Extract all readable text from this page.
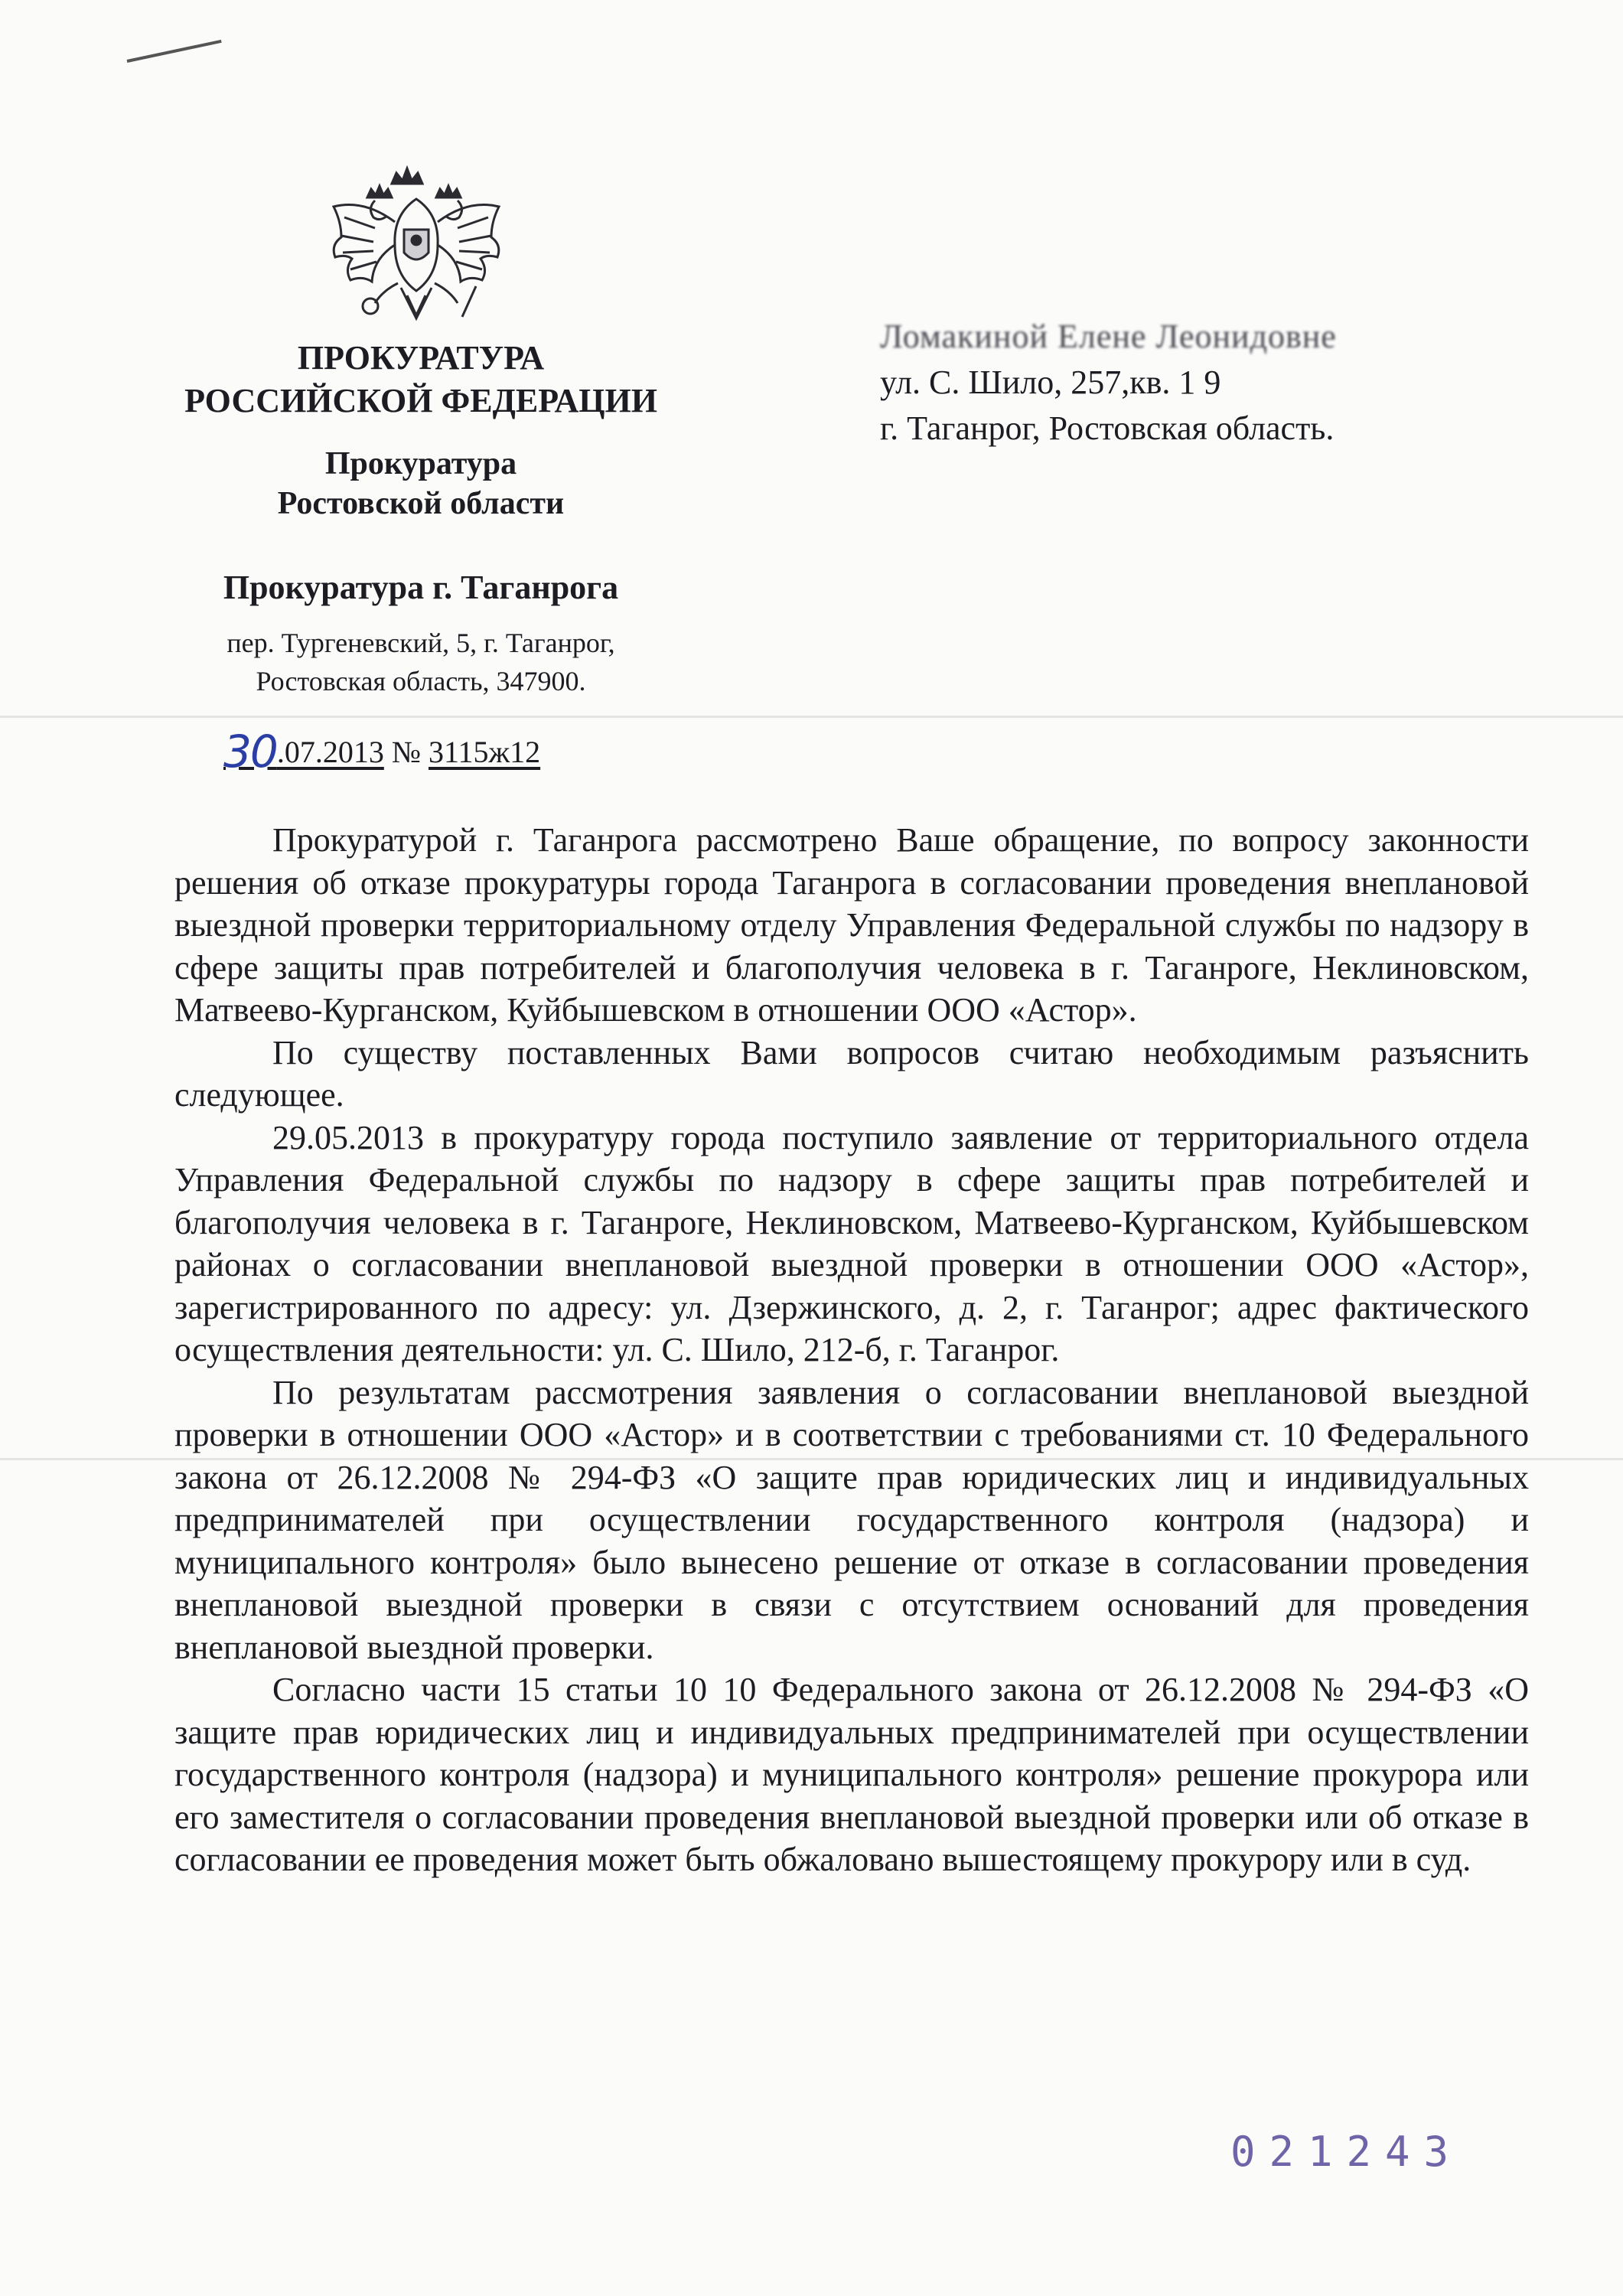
ПРОКУРАТУРА
РОССИЙСКОЙ ФЕДЕРАЦИИ
Прокуратура
Ростовской области
Прокуратура г. Таганрога
пер. Тургеневский, 5, г. Таганрог,
Ростовская область, 347900.
30.07.2013 № 3115ж12
Ломакиной Елене Леонидовне
ул. С. Шило, 257,кв. 1 9
г. Таганрог, Ростовская область.

Прокуратурой г. Таганрога рассмотрено Ваше обращение, по вопросу законности решения об отказе прокуратуры города Таганрога в согласовании проведения внеплановой выездной проверки территориальному отделу Управления Федеральной службы по надзору в сфере защиты прав потребителей и благополучия человека в г. Таганроге, Неклиновском, Матвеево-Курганском, Куйбышевском в отношении ООО «Астор».

По существу поставленных Вами вопросов считаю необходимым разъяснить следующее.

29.05.2013 в прокуратуру города поступило заявление от территориального отдела Управления Федеральной службы по надзору в сфере защиты прав потребителей и благополучия человека в г. Таганроге, Неклиновском, Матвеево-Курганском, Куйбышевском районах о согласовании внеплановой выездной проверки в отношении ООО «Астор», зарегистрированного по адресу: ул. Дзержинского, д. 2, г. Таганрог; адрес фактического осуществления деятельности: ул. С. Шило, 212-б, г. Таганрог.

По результатам рассмотрения заявления о согласовании внеплановой выездной проверки в отношении ООО «Астор» и в соответствии с требованиями ст. 10 Федерального закона от 26.12.2008 № 294-ФЗ «О защите прав юридических лиц и индивидуальных предпринимателей при осуществлении государственного контроля (надзора) и муниципального контроля» было вынесено решение от отказе в согласовании проведения внеплановой выездной проверки в связи с отсутствием оснований для проведения внеплановой выездной проверки.

Согласно части 15 статьи 10 10 Федерального закона от 26.12.2008 № 294-ФЗ «О защите прав юридических лиц и индивидуальных предпринимателей при осуществлении государственного контроля (надзора) и муниципального контроля» решение прокурора или его заместителя о согласовании проведения внеплановой выездной проверки или об отказе в согласовании ее проведения может быть обжаловано вышестоящему прокурору или в суд.

021243
